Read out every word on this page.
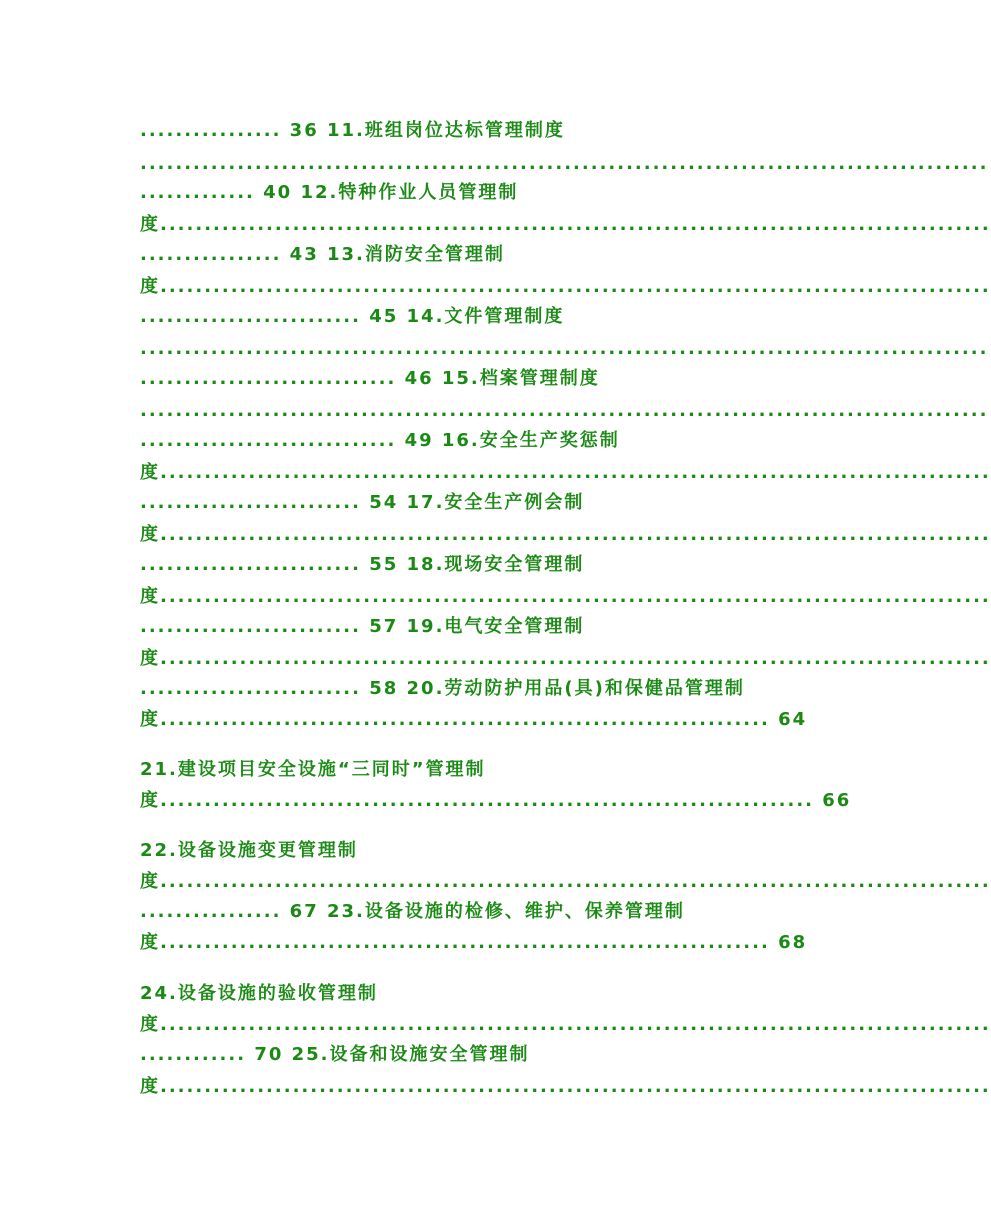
................ 36 11.班组岗位达标管理制度
................................................................................................
............. 40 12.特种作业人员管理制
度..............................................................................................
................ 43 13.消防安全管理制
度..............................................................................................
......................... 45 14.文件管理制度
................................................................................................
............................. 46 15.档案管理制度
................................................................................................
............................. 49 16.安全生产奖惩制
度..............................................................................................
......................... 54 17.安全生产例会制
度..............................................................................................
......................... 55 18.现场安全管理制
度..............................................................................................
......................... 57 19.电气安全管理制
度..............................................................................................
......................... 58 20.劳动防护用品(具)和保健品管理制
度..................................................................... 64
21.建设项目安全设施“三同时”管理制
度.......................................................................... 66
22.设备设施变更管理制
度..............................................................................................
................ 67 23.设备设施的检修、维护、保养管理制
度..................................................................... 68
24.设备设施的验收管理制
度..............................................................................................
............ 70 25.设备和设施安全管理制
度..............................................................................................
